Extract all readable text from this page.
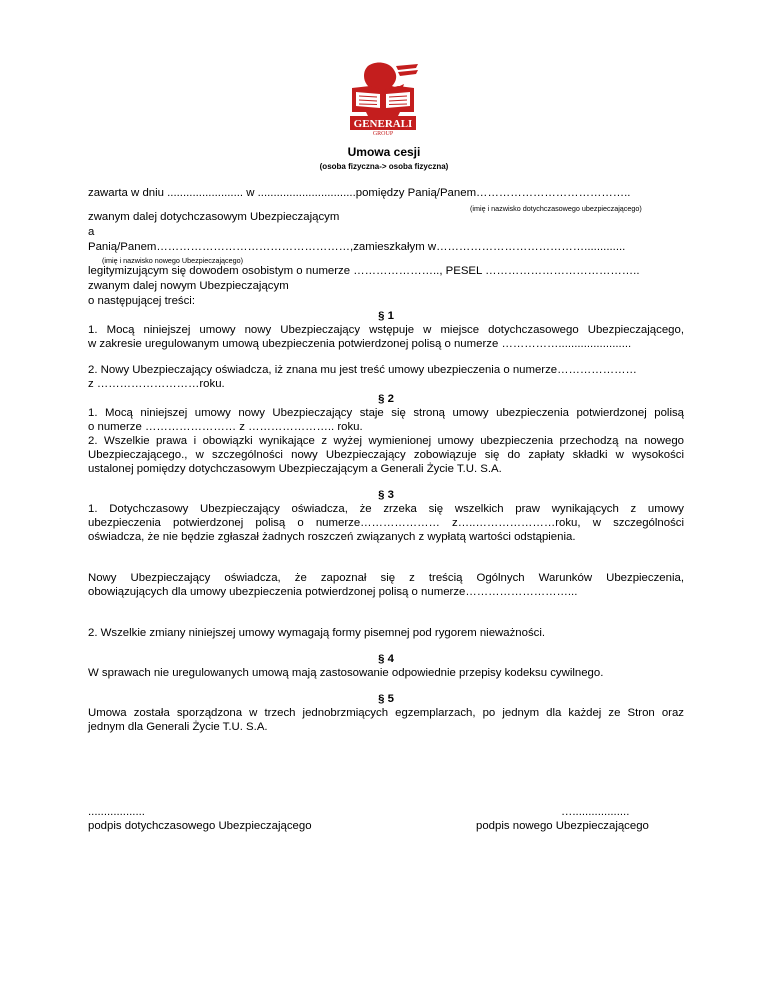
GENERALI
GROUP
Umowa cesji
(osoba fizyczna-> osoba fizyczna)
zawarta w dniu ........................ w ...............................pomiędzy Panią/Panem…………………………………..
(imię i nazwisko dotychczasowego ubezpieczającego)
zwanym dalej dotychczasowym Ubezpieczającym
a
Panią/Panem……………………………………………,zamieszkałym w………………………………….............
(imię i nazwisko nowego Ubezpieczającego)
legitymizującym się dowodem osobistym o numerze ………………….., PESEL …………………………………..
zwanym dalej nowym Ubezpieczającym
o następującej treści:
§ 1
1. Mocą niniejszej umowy nowy Ubezpieczający wstępuje w miejsce dotychczasowego Ubezpieczającego,
w zakresie uregulowanym umową ubezpieczenia potwierdzonej polisą o numerze …………….......................
2. Nowy Ubezpieczający oświadcza, iż znana mu jest treść umowy ubezpieczenia o numerze…………………
z ………………………roku.
§ 2
1. Mocą niniejszej umowy nowy Ubezpieczający staje się stroną umowy ubezpieczenia potwierdzonej polisą
o numerze …………………… z ………………….. roku.
2. Wszelkie prawa i obowiązki wynikające z wyżej wymienionej umowy ubezpieczenia przechodzą na nowego
Ubezpieczającego., w szczególności nowy Ubezpieczający zobowiązuje się do zapłaty składki w wysokości
ustalonej pomiędzy dotychczasowym Ubezpieczającym a Generali Życie T.U. S.A.
§ 3
1. Dotychczasowy Ubezpieczający oświadcza, że zrzeka się wszelkich praw wynikających z umowy
ubezpieczenia potwierdzonej polisą o numerze………………… z…..…………………roku, w szczególności
oświadcza, że nie będzie zgłaszał żadnych roszczeń związanych z wypłatą wartości odstąpienia.
Nowy Ubezpieczający oświadcza, że zapoznał się z treścią Ogólnych Warunków Ubezpieczenia,
obowiązujących dla umowy ubezpieczenia potwierdzonej polisą o numerze………………………...
2. Wszelkie zmiany niniejszej umowy wymagają formy pisemnej pod rygorem nieważności.
§ 4
W sprawach nie uregulowanych umową mają zastosowanie odpowiednie przepisy kodeksu cywilnego.
§ 5
Umowa została sporządzona w trzech jednobrzmiących egzemplarzach, po jednym dla każdej ze Stron oraz
jednym dla Generali Życie T.U. S.A.
..................
podpis dotychczasowego Ubezpieczającego
…..................
podpis nowego Ubezpieczającego
